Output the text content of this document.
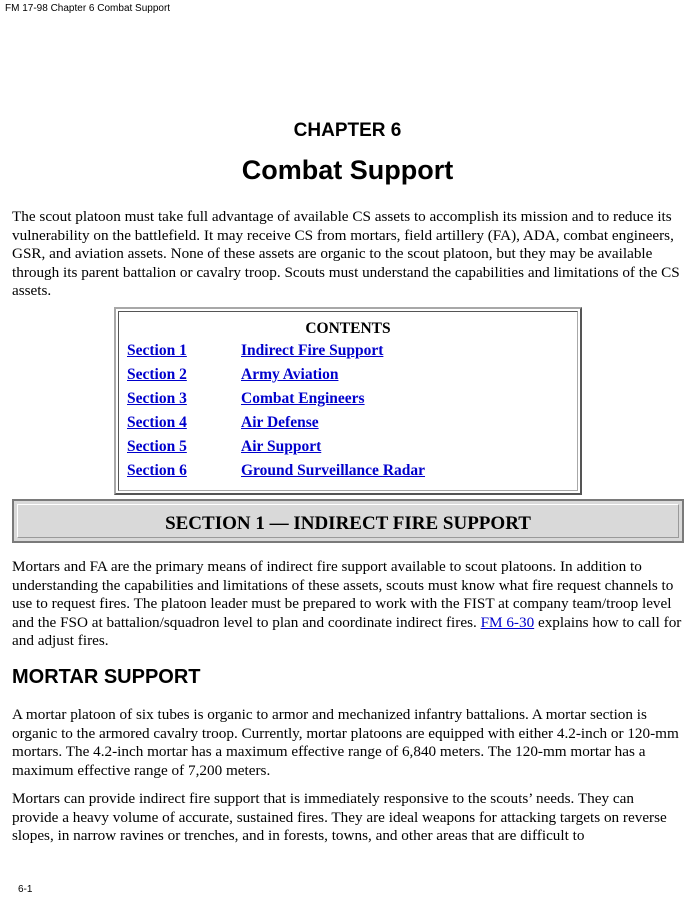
FM 17-98 Chapter 6 Combat Support
CHAPTER 6
Combat Support

The scout platoon must take full advantage of available CS assets to accomplish its mission and to reduce its vulnerability on the battlefield. It may receive CS from mortars, field artillery (FA), ADA, combat engineers, GSR, and aviation assets. None of these assets are organic to the scout platoon, but they may be available through its parent battalion or cavalry troop. Scouts must understand the capabilities and limitations of the CS assets.

CONTENTS
Section 1	Indirect Fire Support
Section 2	Army Aviation
Section 3	Combat Engineers
Section 4	Air Defense
Section 5	Air Support
Section 6	Ground Surveillance Radar
SECTION 1 — INDIRECT FIRE SUPPORT

Mortars and FA are the primary means of indirect fire support available to scout platoons. In addition to understanding the capabilities and limitations of these assets, scouts must know what fire request channels to use to request fires. The platoon leader must be prepared to work with the FIST at company team/troop level and the FSO at battalion/squadron level to plan and coordinate indirect fires. FM 6-30 explains how to call for and adjust fires.

MORTAR SUPPORT

A mortar platoon of six tubes is organic to armor and mechanized infantry battalions. A mortar section is organic to the armored cavalry troop. Currently, mortar platoons are equipped with either 4.2-inch or 120-mm mortars. The 4.2-inch mortar has a maximum effective range of 6,840 meters. The 120-mm mortar has a maximum effective range of 7,200 meters.

Mortars can provide indirect fire support that is immediately responsive to the scouts’ needs. They can provide a heavy volume of accurate, sustained fires. They are ideal weapons for attacking targets on reverse slopes, in narrow ravines or trenches, and in forests, towns, and other areas that are difficult to

6-1
